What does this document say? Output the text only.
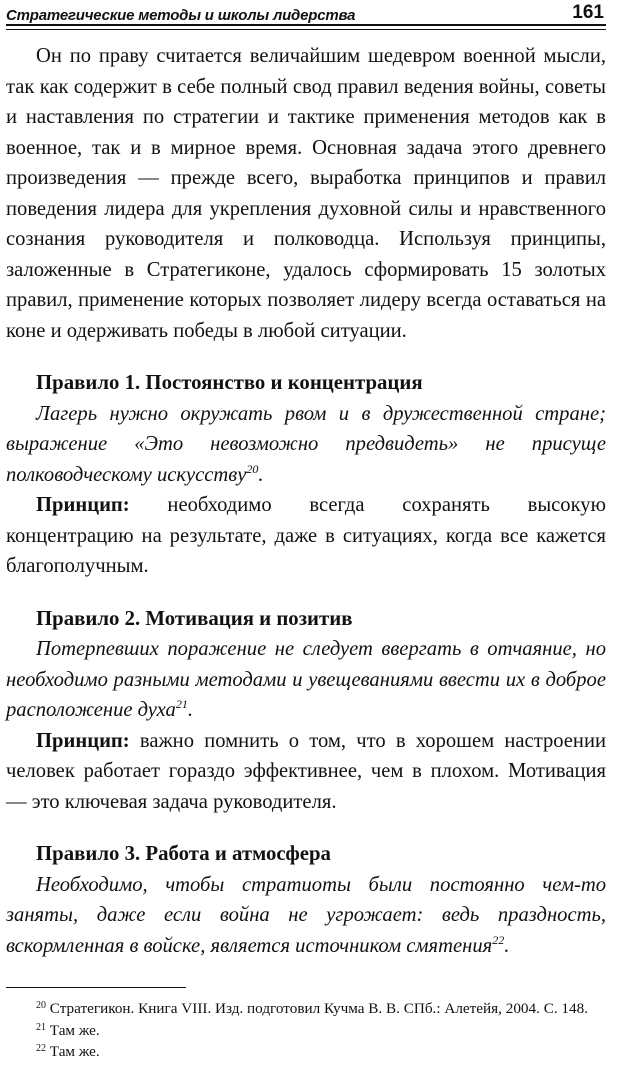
Стратегические методы и школы лидерства	161

Он по праву считается величайшим шедевром военной мысли, так как содержит в себе полный свод правил ведения войны, советы и наставления по стратегии и тактике применения методов как в военное, так и в мирное время. Основная задача этого древнего произведения — прежде всего, выработка принципов и правил поведения лидера для укрепления духовной силы и нравственного сознания руководителя и полководца. Используя принципы, заложенные в Стратегиконе, удалось сформировать 15 золотых правил, применение которых позволяет лидеру всегда оставаться на коне и одерживать победы в любой ситуации.

Правило 1. Постоянство и концентрация

Лагерь нужно окружать рвом и в дружественной стране; выражение «Это невозможно предвидеть» не присуще полководческому искусству$^{20}$.

Принцип: необходимо всегда сохранять высокую концентрацию на результате, даже в ситуациях, когда все кажется благополучным.

Правило 2. Мотивация и позитив

Потерпевших поражение не следует ввергать в отчаяние, но необходимо разными методами и увещеваниями ввести их в доброе расположение духа$^{21}$.

Принцип: важно помнить о том, что в хорошем настроении человек работает гораздо эффективнее, чем в плохом. Мотивация — это ключевая задача руководителя.

Правило 3. Работа и атмосфера

Необходимо, чтобы стратиоты были постоянно чем-то заняты, даже если война не угрожает: ведь праздность, вскормленная в войске, является источником смятения$^{22}$.

$^{20}$ Стратегикон. Книга VIII. Изд. подготовил Кучма В. В. СПб.: Алетейя, 2004. С. 148.

$^{21}$ Там же.

$^{22}$ Там же.
